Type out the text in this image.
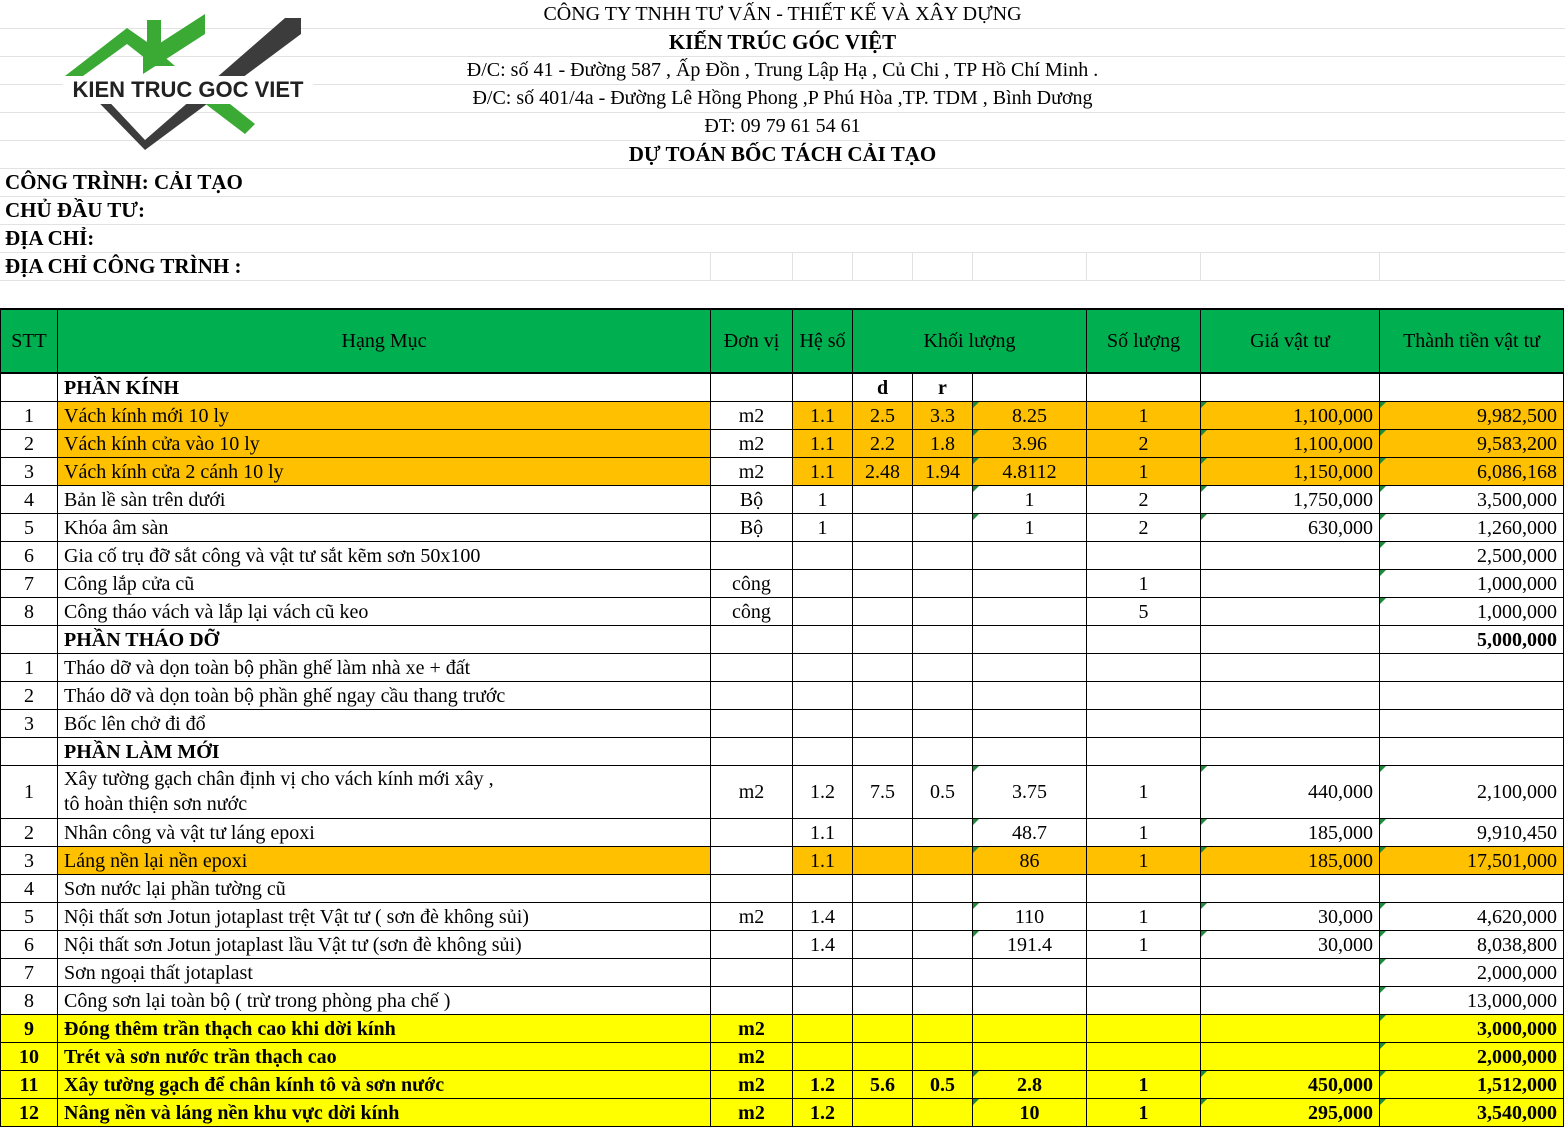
KIEN TRUC GOC VIET
CÔNG TY TNHH TƯ VẤN - THIẾT KẾ VÀ XÂY DỰNG
KIẾN TRÚC GÓC VIỆT
Đ/C: số 41 - Đường 587 , Ấp Đồn , Trung Lập Hạ , Củ Chi , TP Hồ Chí Minh .
Đ/C: số 401/4a - Đường Lê Hồng Phong ,P Phú Hòa ,TP. TDM , Bình Dương
ĐT: 09 79 61 54 61
DỰ TOÁN BỐC TÁCH CẢI TẠO
CÔNG TRÌNH: CẢI TẠO
CHỦ ĐẦU TƯ:
ĐỊA CHỈ:
ĐỊA CHỈ CÔNG TRÌNH :
STT	Hạng Mục	Đơn vị	Hệ số	Khối lượng			Số lượng	Giá vật tư	Thành tiền vật tư
	PHẦN KÍNH			d	r				
1	Vách kính mới 10 ly	m2	1.1	2.5	3.3	8.25	1	1,100,000	9,982,500
2	Vách kính cửa vào 10 ly	m2	1.1	2.2	1.8	3.96	2	1,100,000	9,583,200
3	Vách kính cửa 2 cánh 10 ly	m2	1.1	2.48	1.94	4.8112	1	1,150,000	6,086,168
4	Bản lề sàn trên dưới	Bộ	1			1	2	1,750,000	3,500,000
5	Khóa âm sàn	Bộ	1			1	2	630,000	1,260,000
6	Gia cố trụ đỡ sắt công và vật tư sắt kẽm sơn 50x100								2,500,000
7	Công lắp cửa cũ	công					1		1,000,000
8	Công tháo vách và lắp lại vách cũ keo	công					5		1,000,000
	PHẦN THÁO DỠ								5,000,000
1	Tháo dỡ và dọn toàn bộ phần ghế làm nhà xe + đất								
2	Tháo dỡ và dọn toàn bộ phần ghế ngay cầu thang trước								
3	Bốc lên chở đi đổ								
	PHẦN LÀM MỚI								
1	Xây tường gạch chân định vị cho vách kính mới xây ,
tô hoàn thiện sơn nước	m2	1.2	7.5	0.5	3.75	1	440,000	2,100,000
2	Nhân công và vật tư láng epoxi		1.1			48.7	1	185,000	9,910,450
3	Láng nền lại nền epoxi		1.1			86	1	185,000	17,501,000
4	Sơn nước lại phần tường cũ								
5	Nội thất sơn Jotun jotaplast trệt Vật tư ( sơn đè không sủi)	m2	1.4			110	1	30,000	4,620,000
6	Nội thất sơn Jotun jotaplast lầu Vật tư (sơn đè không sủi)		1.4			191.4	1	30,000	8,038,800
7	Sơn ngoại thất jotaplast								2,000,000
8	Công sơn lại toàn bộ ( trừ trong phòng pha chế )								13,000,000
9	Đóng thêm trần thạch cao khi dời kính	m2							3,000,000
10	Trét và sơn nước trần thạch cao	m2							2,000,000
11	Xây tường gạch để chân kính tô và sơn nước	m2	1.2	5.6	0.5	2.8	1	450,000	1,512,000
12	Nâng nền và láng nền khu vực dời kính	m2	1.2			10	1	295,000	3,540,000
